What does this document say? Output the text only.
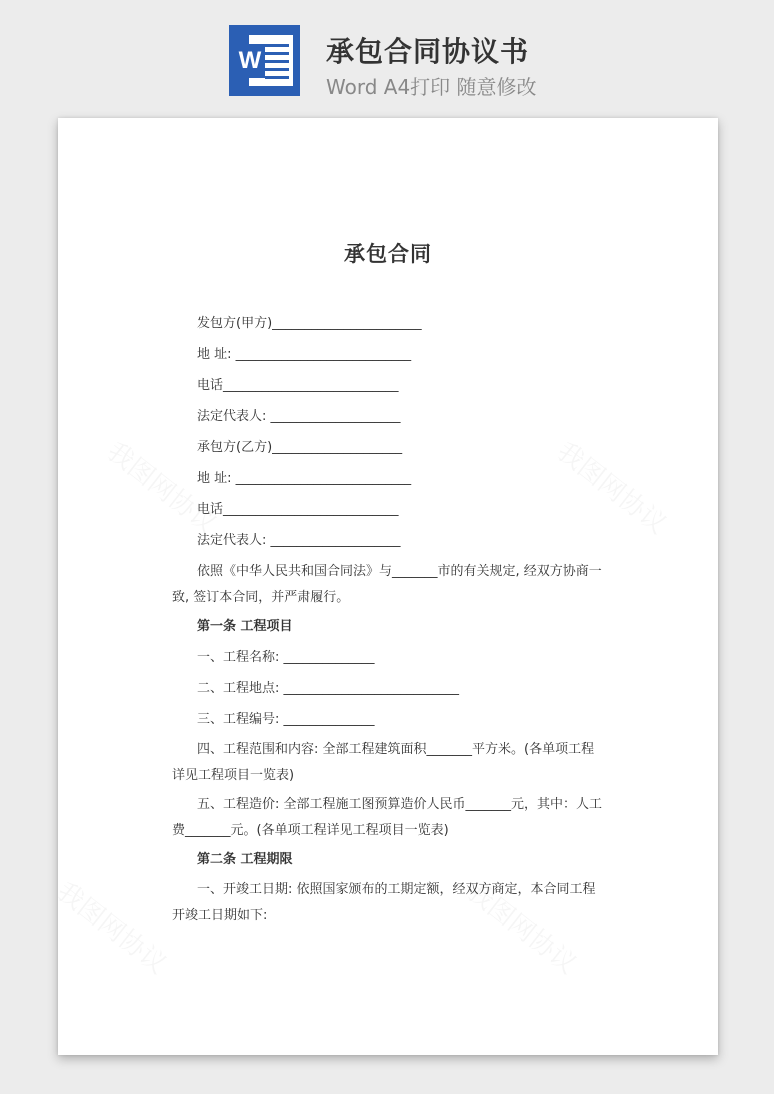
W 承包合同协议书
Word A4打印 随意修改
承包合同
发包方(甲方)_______________________
地 址: ___________________________
电话___________________________
法定代表人: ____________________
承包方(乙方)____________________
地 址: ___________________________
电话___________________________
法定代表人: ____________________
依照《中华人民共和国合同法》与_______市的有关规定, 经双方协商一致, 签订本合同，并严肃履行。
第一条 工程项目
一、工程名称: ______________
二、工程地点: ___________________________
三、工程编号: ______________
四、工程范围和内容: 全部工程建筑面积_______平方米。(各单项工程详见工程项目一览表)
五、工程造价: 全部工程施工图预算造价人民币_______元，其中：人工费_______元。(各单项工程详见工程项目一览表)
第二条 工程期限
一、开竣工日期: 依照国家颁布的工期定额，经双方商定，本合同工程开竣工日期如下:
